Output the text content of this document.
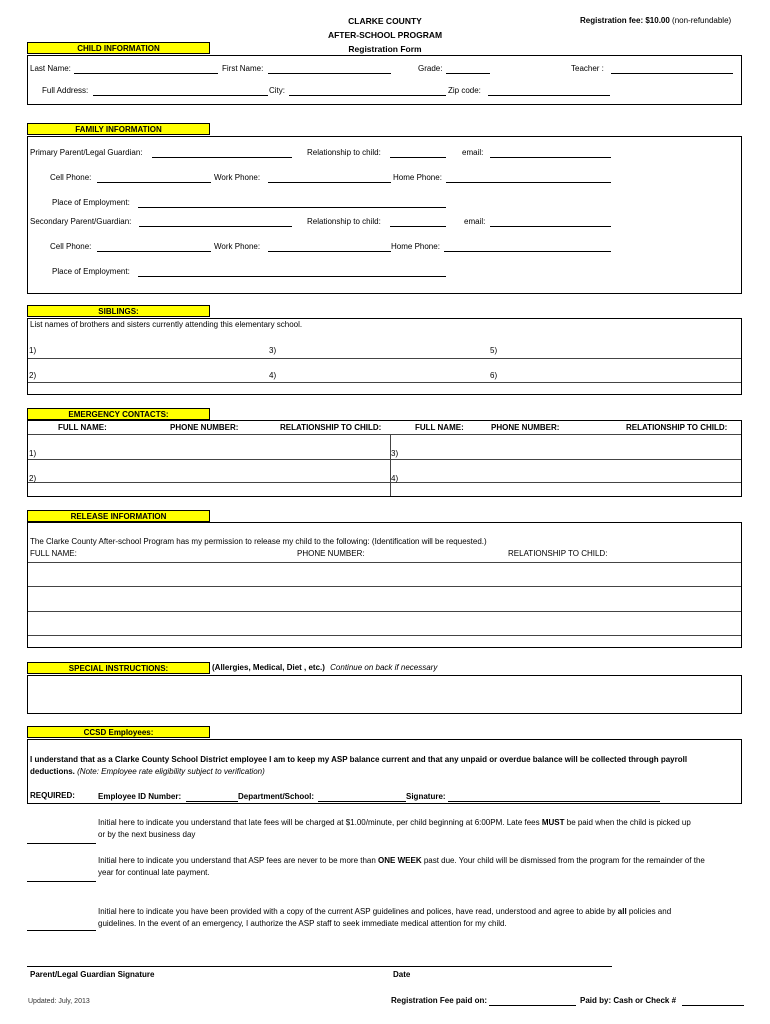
CLARKE COUNTY
AFTER-SCHOOL PROGRAM
Registration Form
Registration fee: $10.00 (non-refundable)
CHILD INFORMATION
Last Name:	First Name:	Grade:	Teacher :
Full Address:	City:	Zip code:
FAMILY INFORMATION
Primary Parent/Legal Guardian:	Relationship to child:	email:
Cell Phone:	Work Phone:	Home Phone:
Place of Employment:
Secondary Parent/Guardian:	Relationship to child:	email:
Cell Phone:	Work Phone:	Home Phone:
Place of Employment:
SIBLINGS:
List names of brothers and sisters currently attending this elementary school.
1)	3)	5)
2)	4)	6)
EMERGENCY CONTACTS:
FULL NAME:	PHONE NUMBER:	RELATIONSHIP TO CHILD:	FULL NAME:	PHONE NUMBER:	RELATIONSHIP TO CHILD:
1)	3)
2)	4)
RELEASE INFORMATION
The Clarke County After-school Program has my permission to release my child to the following: (Identification will be requested.)
FULL NAME:	PHONE NUMBER:	RELATIONSHIP TO CHILD:
SPECIAL INSTRUCTIONS:	(Allergies, Medical, Diet , etc.) Continue on back if necessary
CCSD Employees:
I understand that as a Clarke County School District employee I am to keep my ASP balance current and that any unpaid or overdue balance will be collected through payroll deductions. (Note: Employee rate eligibility subject to verification)
REQUIRED:	Employee ID Number:	Department/School:	Signature:
Initial here to indicate you understand that late fees will be charged at $1.00/minute, per child beginning at 6:00PM. Late fees MUST be paid when the child is picked up or by the next business day
Initial here to indicate you understand that ASP fees are never to be more than ONE WEEK past due. Your child will be dismissed from the program for the remainder of the year for continual late payment.
Initial here to indicate you have been provided with a copy of the current ASP guidelines and polices, have read, understood and agree to abide by all policies and guidelines. In the event of an emergency, I authorize the ASP staff to seek immediate medical attention for my child.
Parent/Legal Guardian Signature	Date
Updated: July, 2013	Registration Fee paid on:	Paid by: Cash or Check #
